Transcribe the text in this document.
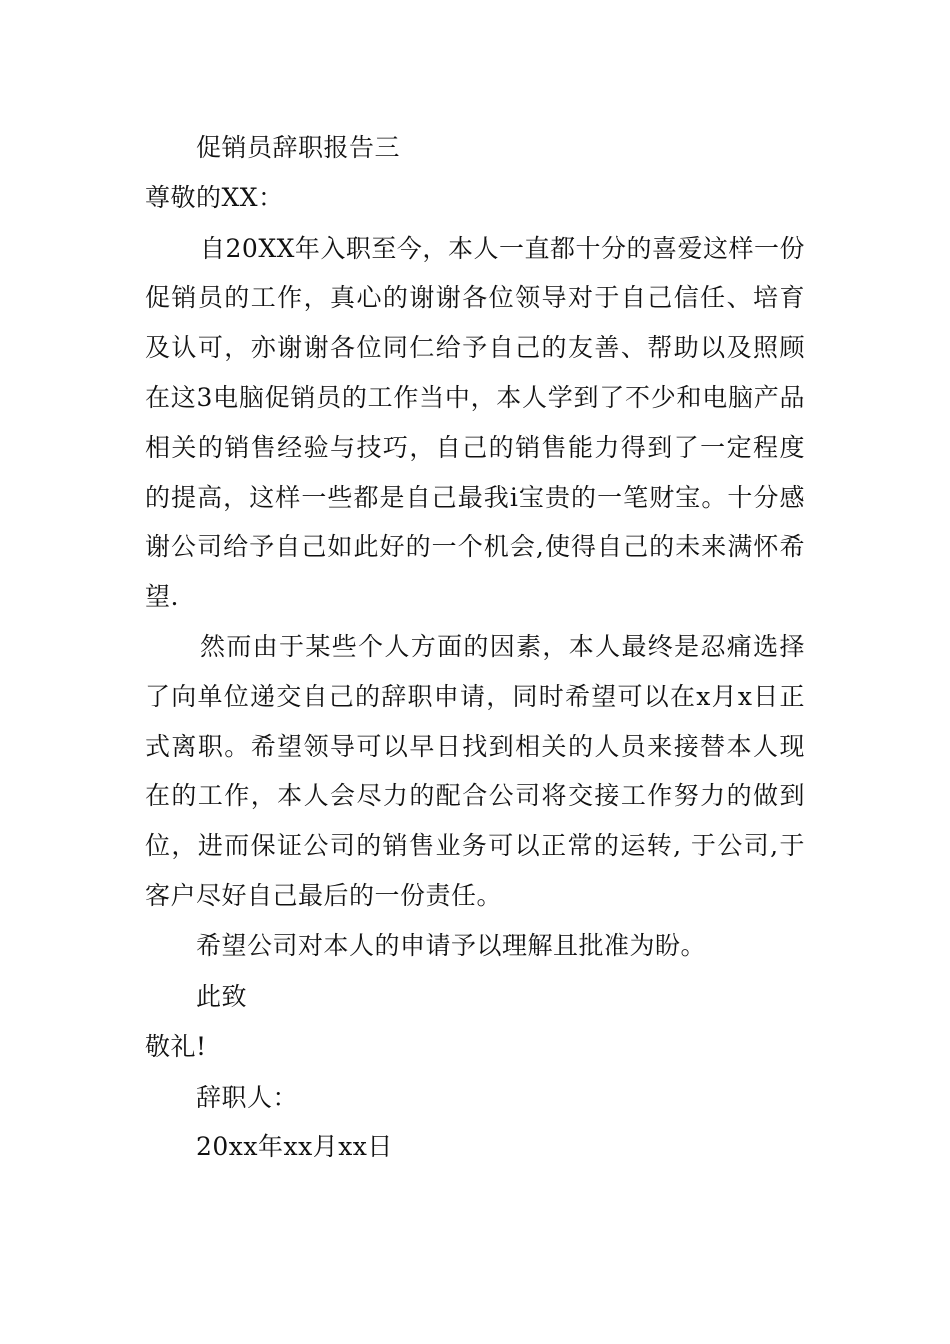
促销员辞职报告三
尊敬的XX：
自20XX年入职至今，本人一直都十分的喜爱这样一份
促销员的工作，真心的谢谢各位领导对于自己信任、培育
及认可，亦谢谢各位同仁给予自己的友善、帮助以及照顾
在这3电脑促销员的工作当中，本人学到了不少和电脑产品
相关的销售经验与技巧，自己的销售能力得到了一定程度
的提高，这样一些都是自己最我i宝贵的一笔财宝。十分感
谢公司给予自己如此好的一个机会,使得自己的未来满怀希
望.
然而由于某些个人方面的因素，本人最终是忍痛选择
了向单位递交自己的辞职申请，同时希望可以在x月x日正
式离职。希望领导可以早日找到相关的人员来接替本人现
在的工作，本人会尽力的配合公司将交接工作努力的做到
位，进而保证公司的销售业务可以正常的运转, 于公司,于
客户尽好自己最后的一份责任。
希望公司对本人的申请予以理解且批准为盼。
此致
敬礼!
辞职人：
20xx年xx月xx日
